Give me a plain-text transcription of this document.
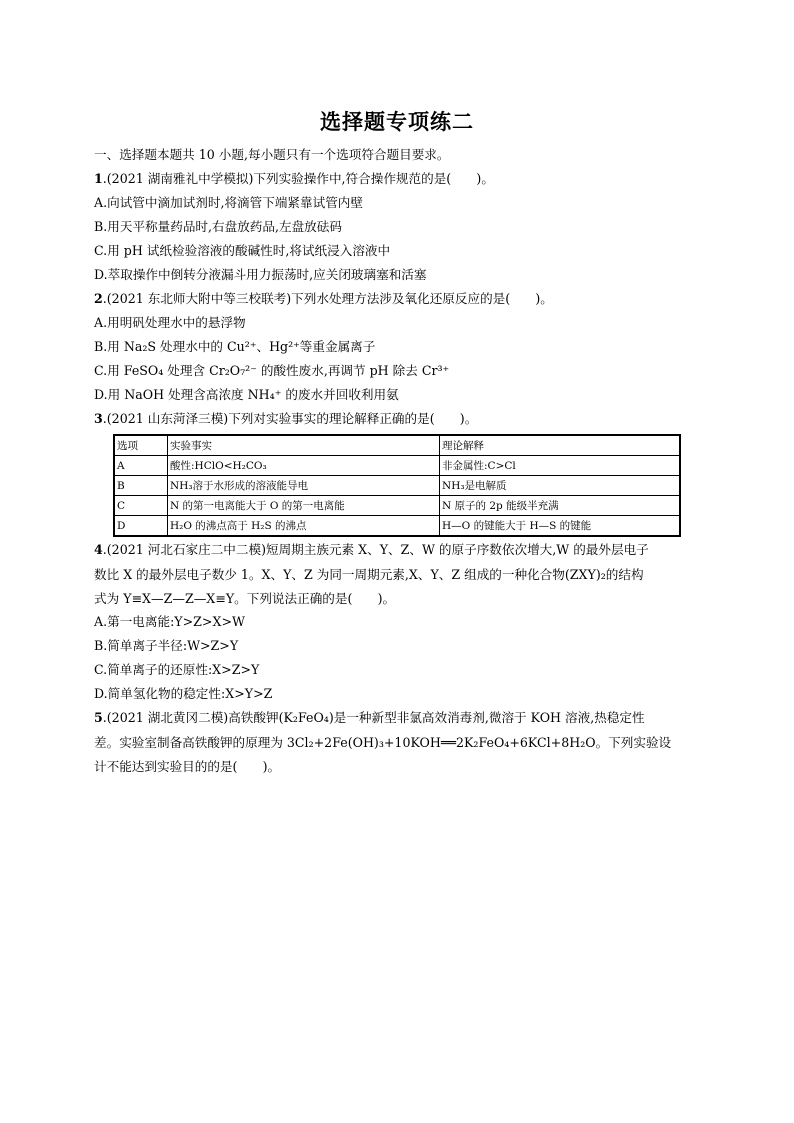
选择题专项练二
一、选择题本题共 10 小题,每小题只有一个选项符合题目要求。
1.(2021 湖南雅礼中学模拟)下列实验操作中,符合操作规范的是(　　)。
A.向试管中滴加试剂时,将滴管下端紧靠试管内壁
B.用天平称量药品时,右盘放药品,左盘放砝码
C.用 pH 试纸检验溶液的酸碱性时,将试纸浸入溶液中
D.萃取操作中倒转分液漏斗用力振荡时,应关闭玻璃塞和活塞
2.(2021 东北师大附中等三校联考)下列水处理方法涉及氧化还原反应的是(　　)。
A.用明矾处理水中的悬浮物
B.用 Na₂S 处理水中的 Cu²⁺、Hg²⁺等重金属离子
C.用 FeSO₄ 处理含 Cr₂O₇²⁻ 的酸性废水,再调节 pH 除去 Cr³⁺
D.用 NaOH 处理含高浓度 NH₄⁺ 的废水并回收利用氨
3.(2021 山东菏泽三模)下列对实验事实的理论解释正确的是(　　)。
选项	实验事实	理论解释
A	酸性:HClO<H₂CO₃	非金属性:C>Cl
B	NH₃溶于水形成的溶液能导电	NH₃是电解质
C	N 的第一电离能大于 O 的第一电离能	N 原子的 2p 能级半充满
D	H₂O 的沸点高于 H₂S 的沸点	H—O 的键能大于 H—S 的键能
4.(2021 河北石家庄二中二模)短周期主族元素 X、Y、Z、W 的原子序数依次增大,W 的最外层电子
数比 X 的最外层电子数少 1。X、Y、Z 为同一周期元素,X、Y、Z 组成的一种化合物(ZXY)₂的结构
式为 Y≡X—Z—Z—X≡Y。下列说法正确的是(　　)。
A.第一电离能:Y>Z>X>W
B.简单离子半径:W>Z>Y
C.简单离子的还原性:X>Z>Y
D.简单氢化物的稳定性:X>Y>Z
5.(2021 湖北黄冈二模)高铁酸钾(K₂FeO₄)是一种新型非氯高效消毒剂,微溶于 KOH 溶液,热稳定性
差。实验室制备高铁酸钾的原理为 3Cl₂+2Fe(OH)₃+10KOH══2K₂FeO₄+6KCl+8H₂O。下列实验设
计不能达到实验目的的是(　　)。
